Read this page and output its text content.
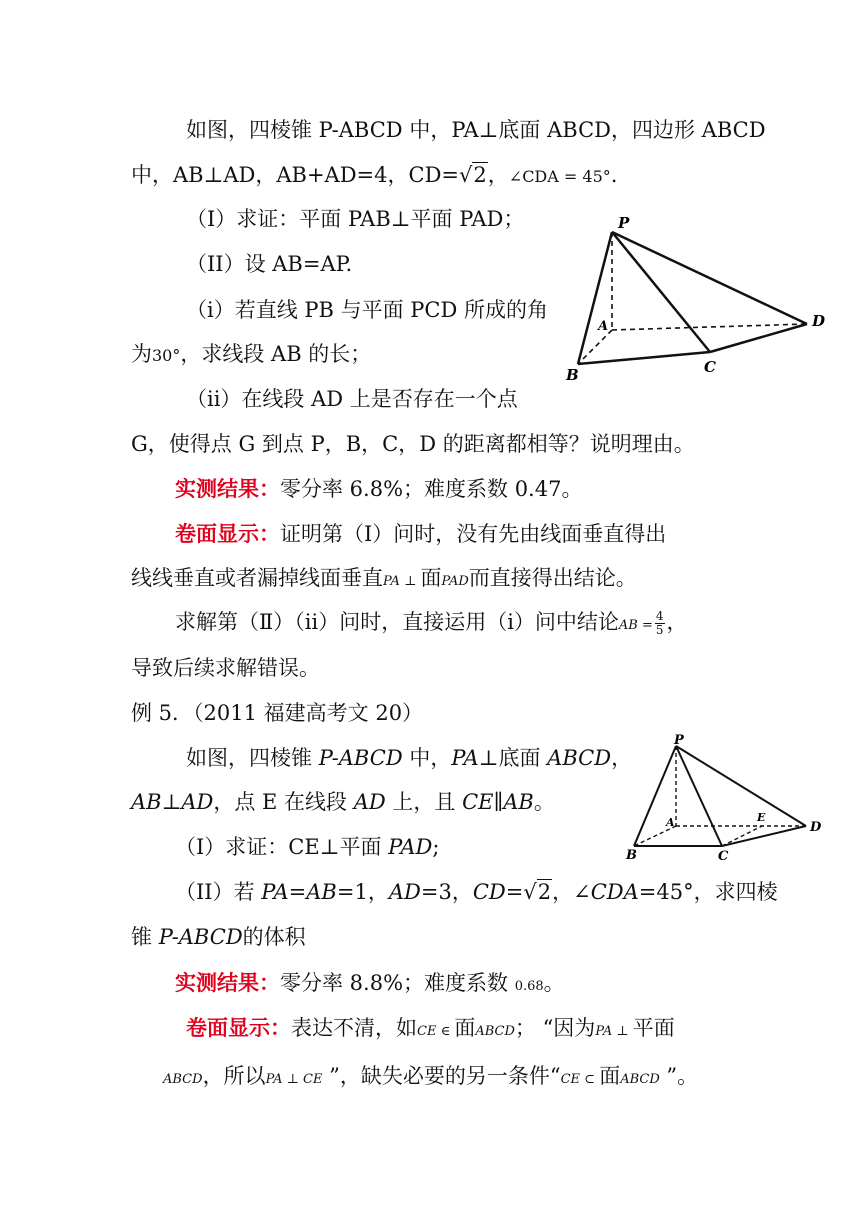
如图，四棱锥 P-ABCD 中，PA⊥底面 ABCD，四边形 ABCD
中，AB⊥AD，AB+AD=4，CD=√2，∠CDA = 45°.
（I）求证：平面 PAB⊥平面 PAD；
（II）设 AB=AP.
（i）若直线 PB 与平面 PCD 所成的角
为30°，求线段 AB 的长；
（ii）在线段 AD 上是否存在一个点
G，使得点 G 到点 P，B，C，D 的距离都相等？说明理由。
实测结果：零分率 6.8%；难度系数 0.47。
卷面显示：证明第（Ⅰ）问时，没有先由线面垂直得出
线线垂直或者漏掉线面垂直PA ⊥ 面PAD而直接得出结论。
求解第（Ⅱ）（ⅱ）问时，直接运用（i）问中结论AB = $\frac{4}{5}$ ，
导致后续求解错误。
P
A
B	C
D
例 5．（2011 福建高考文 20）
如图，四棱锥 P-ABCD 中，PA⊥底面 ABCD，
AB⊥AD，点 E 在线段 AD 上，且 CE∥AB。
（I）求证：CE⊥平面 PAD;
（II）若 PA=AB=1，AD=3，CD=√2，∠CDA=45°，求四棱
锥 P-ABCD的体积
实测结果：零分率 8.8%；难度系数 0.68。
卷面显示：表达不清，如CE ∈ 面ABCD； “因为PA ⊥ 平面
ABCD，所以PA ⊥ CE ”，缺失必要的另一条件“CE ⊂ 面ABCD ”。
P
A
B	C
D
E
